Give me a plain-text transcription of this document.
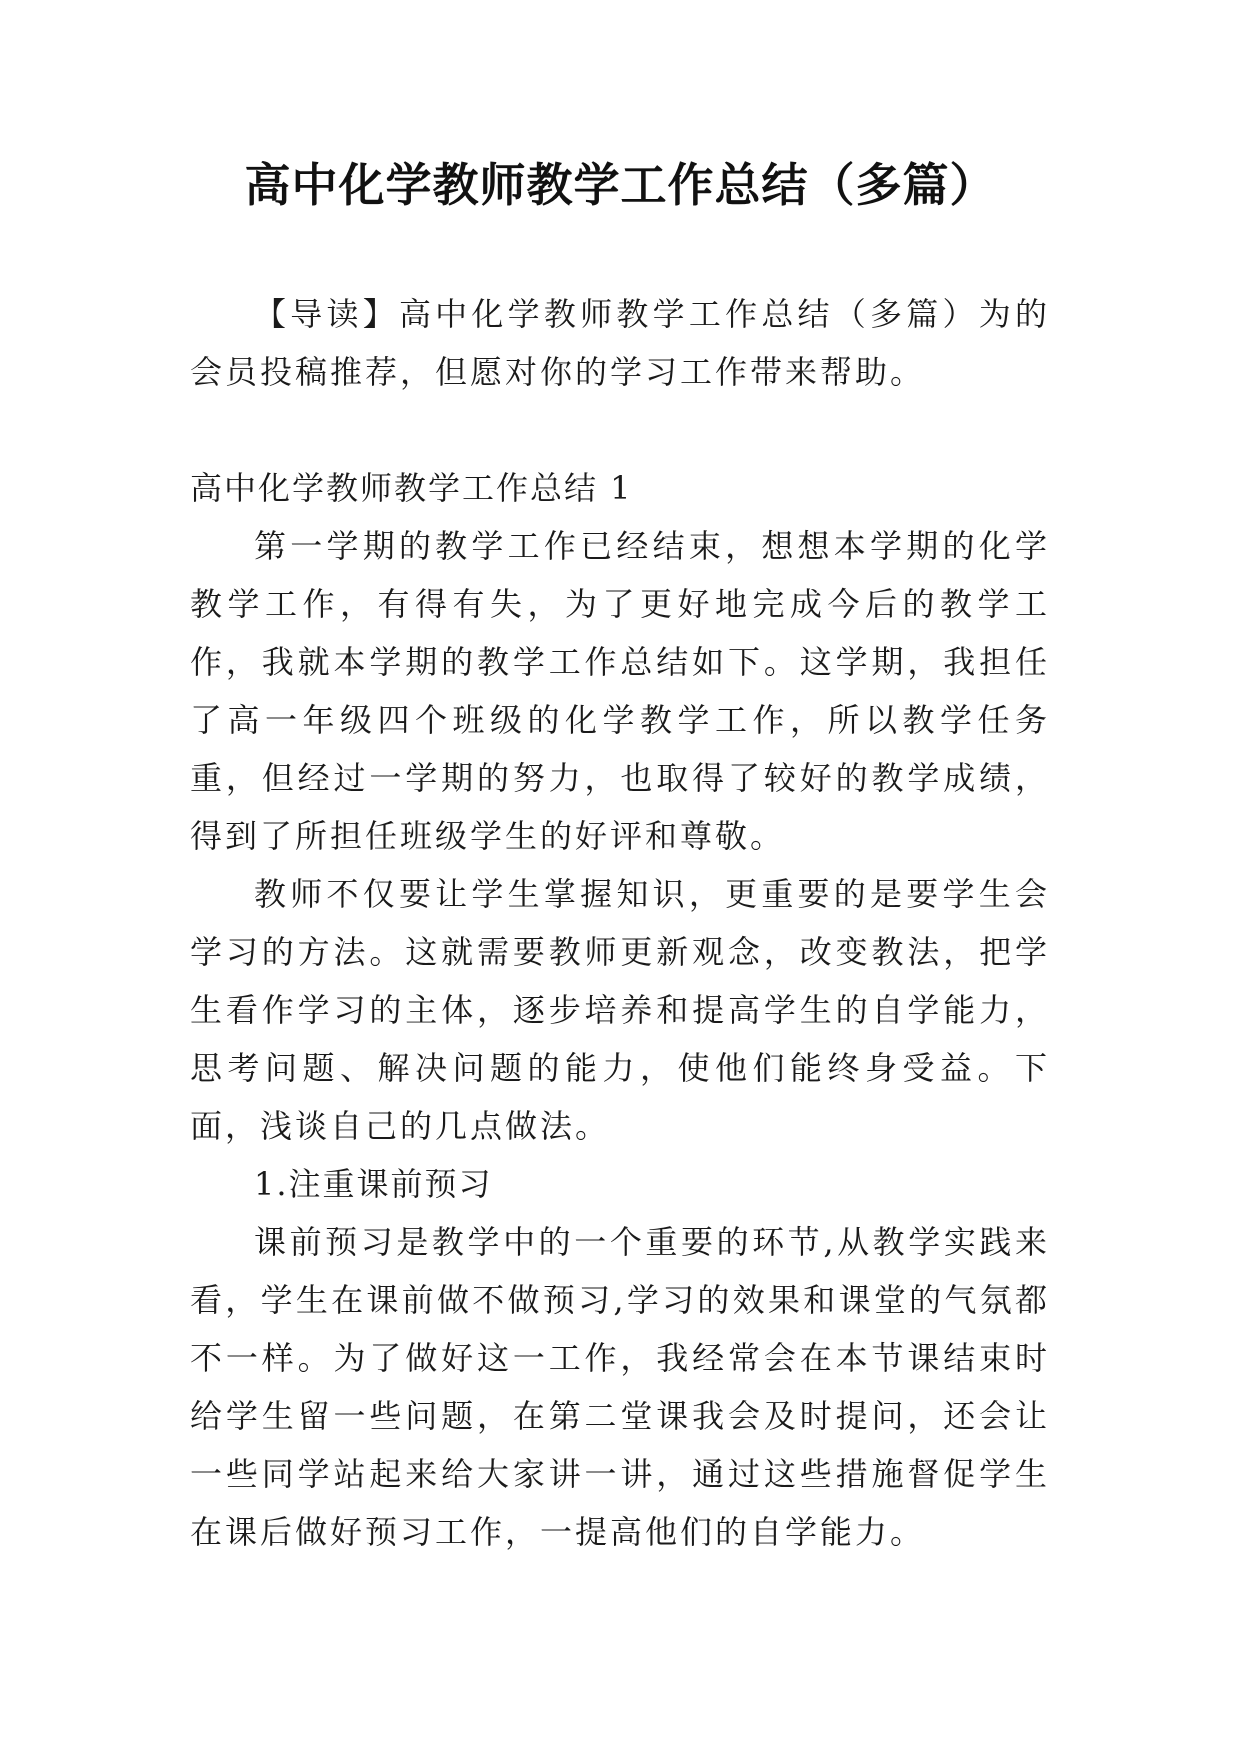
高中化学教师教学工作总结（多篇）

【导读】高中化学教师教学工作总结（多篇）为的会员投稿推荐，但愿对你的学习工作带来帮助。

高中化学教师教学工作总结 1

第一学期的教学工作已经结束，想想本学期的化学教学工作，有得有失，为了更好地完成今后的教学工作，我就本学期的教学工作总结如下。这学期，我担任了高一年级四个班级的化学教学工作，所以教学任务重，但经过一学期的努力，也取得了较好的教学成绩，得到了所担任班级学生的好评和尊敬。

教师不仅要让学生掌握知识，更重要的是要学生会学习的方法。这就需要教师更新观念，改变教法，把学生看作学习的主体，逐步培养和提高学生的自学能力，思考问题、解决问题的能力，使他们能终身受益。下面，浅谈自己的几点做法。

1.注重课前预习

课前预习是教学中的一个重要的环节,从教学实践来看，学生在课前做不做预习,学习的效果和课堂的气氛都不一样。为了做好这一工作，我经常会在本节课结束时给学生留一些问题，在第二堂课我会及时提问，还会让一些同学站起来给大家讲一讲，通过这些措施督促学生在课后做好预习工作，一提高他们的自学能力。
